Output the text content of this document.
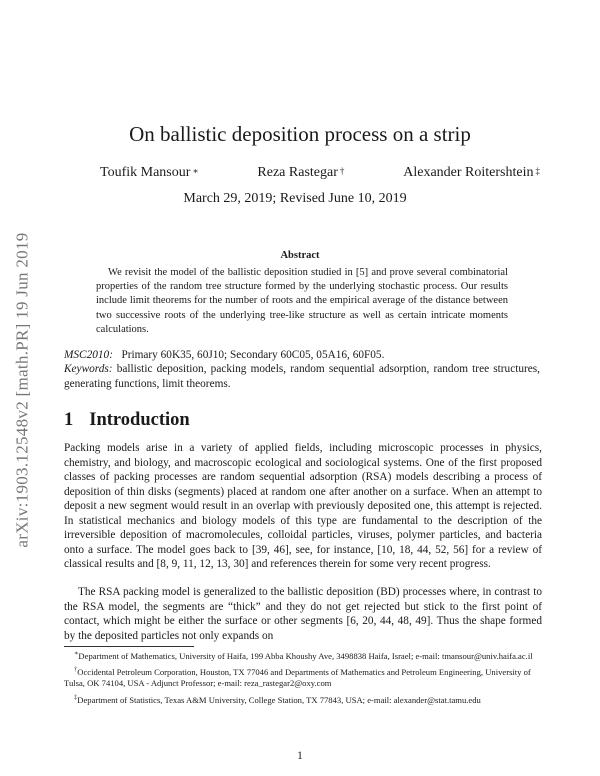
arXiv:1903.12548v2 [math.PR] 19 Jun 2019
On ballistic deposition process on a strip
Toufik Mansour ∗	Reza Rastegar †	Alexander Roitershtein ‡
March 29, 2019; Revised June 10, 2019
Abstract
We revisit the model of the ballistic deposition studied in [5] and prove several combinatorial properties of the random tree structure formed by the underlying stochastic process. Our results include limit theorems for the number of roots and the empirical average of the distance between two successive roots of the underlying tree-like structure as well as certain intricate moments calculations.
MSC2010: Primary 60K35, 60J10; Secondary 60C05, 05A16, 60F05.
Keywords: ballistic deposition, packing models, random sequential adsorption, random tree structures, generating functions, limit theorems.
1 Introduction
Packing models arise in a variety of applied fields, including microscopic processes in physics, chemistry, and biology, and macroscopic ecological and sociological systems. One of the first proposed classes of packing processes are random sequential adsorption (RSA) models describing a process of deposition of thin disks (segments) placed at random one after another on a surface. When an attempt to deposit a new segment would result in an overlap with previously deposited one, this attempt is rejected. In statistical mechanics and biology models of this type are fundamental to the description of the irreversible deposition of macromolecules, colloidal particles, viruses, polymer particles, and bacteria onto a surface. The model goes back to [39, 46], see, for instance, [10, 18, 44, 52, 56] for a review of classical results and [8, 9, 11, 12, 13, 30] and references therein for some very recent progress.
The RSA packing model is generalized to the ballistic deposition (BD) processes where, in contrast to the RSA model, the segments are “thick” and they do not get rejected but stick to the first point of contact, which might be either the surface or other segments [6, 20, 44, 48, 49]. Thus the shape formed by the deposited particles not only expands on

∗Department of Mathematics, University of Haifa, 199 Abba Khoushy Ave, 3498838 Haifa, Israel; e-mail: tmansour@univ.haifa.ac.il

†Occidental Petroleum Corporation, Houston, TX 77046 and Departments of Mathematics and Petroleum Engineering, University of Tulsa, OK 74104, USA - Adjunct Professor; e-mail: reza_rastegar2@oxy.com

‡Department of Statistics, Texas A&M University, College Station, TX 77843, USA; e-mail: alexander@stat.tamu.edu

1
